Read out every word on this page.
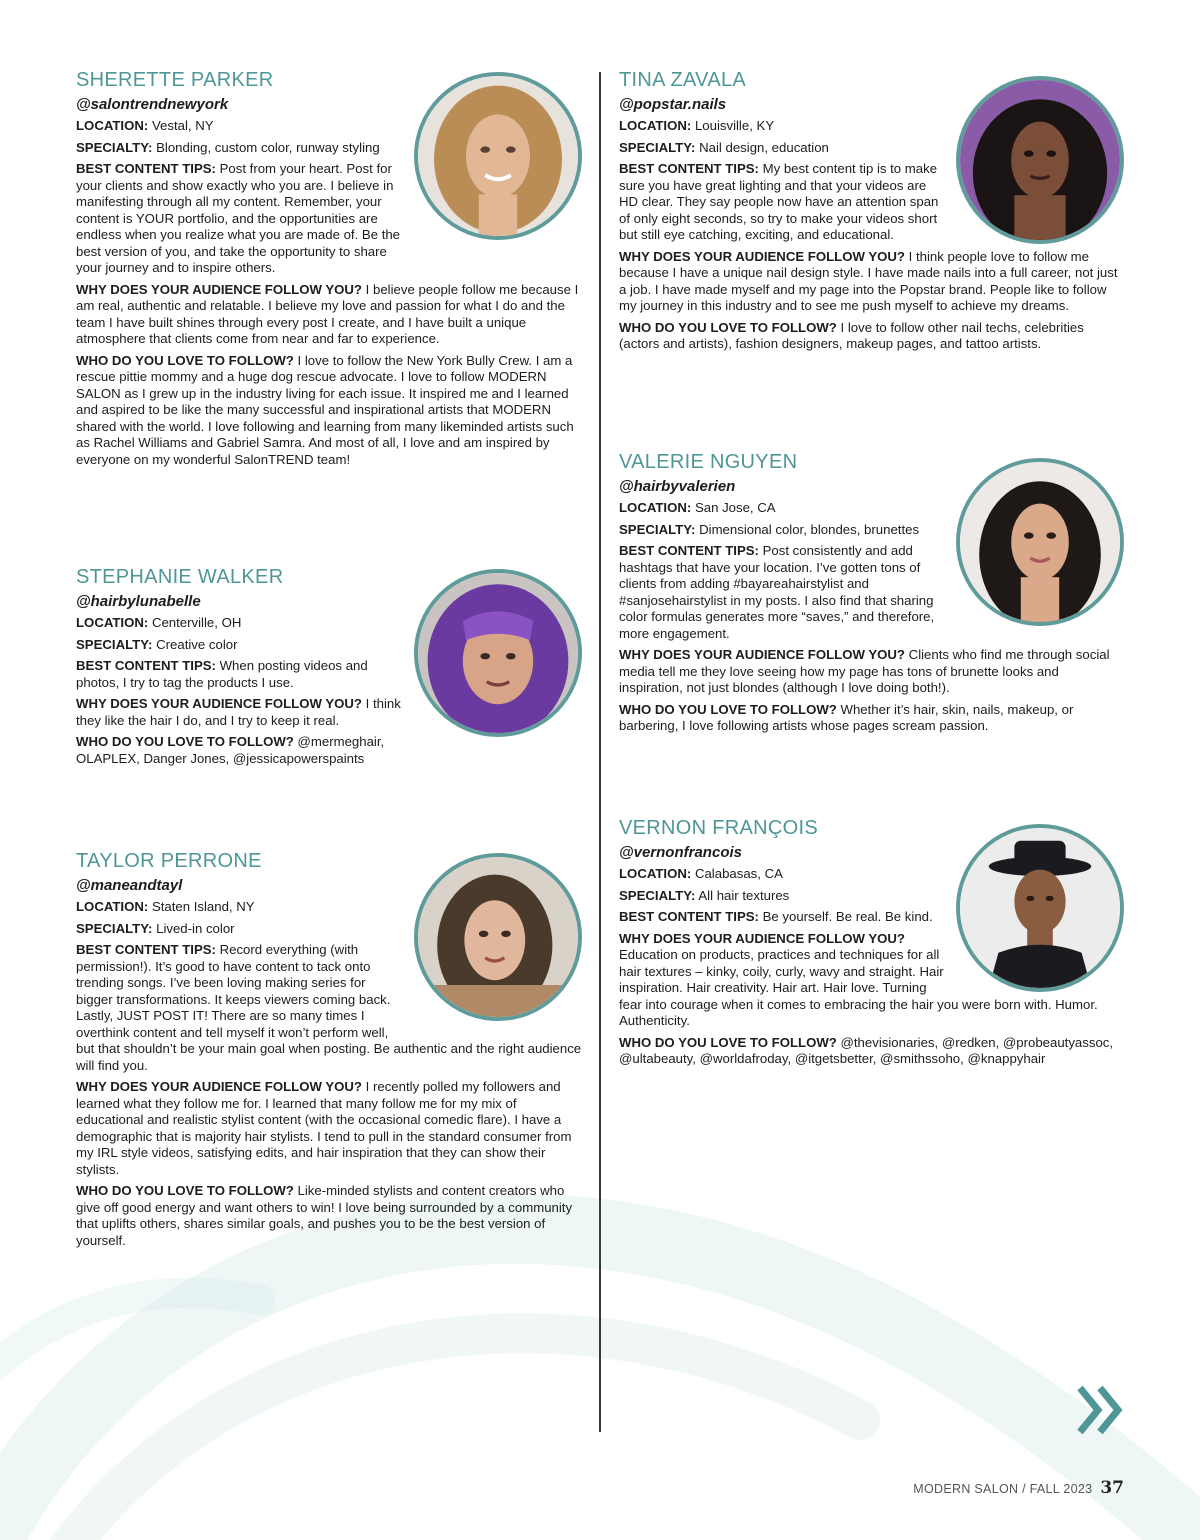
SHERETTE PARKER

@salontrendnewyork

LOCATION: Vestal, NY

SPECIALTY: Blonding, custom color, runway styling

BEST CONTENT TIPS: Post from your heart. Post for your clients and show exactly who you are. I believe in manifesting through all my content. Remember, your content is YOUR portfolio, and the opportunities are endless when you realize what you are made of. Be the best version of you, and take the opportunity to share your journey and to inspire others.

WHY DOES YOUR AUDIENCE FOLLOW YOU? I believe people follow me because I am real, authentic and relatable. I believe my love and passion for what I do and the team I have built shines through every post I create, and I have built a unique atmosphere that clients come from near and far to experience.

WHO DO YOU LOVE TO FOLLOW? I love to follow the New York Bully Crew. I am a rescue pittie mommy and a huge dog rescue advocate. I love to follow MODERN SALON as I grew up in the industry living for each issue. It inspired me and I learned and aspired to be like the many successful and inspirational artists that MODERN shared with the world. I love following and learning from many likeminded artists such as Rachel Williams and Gabriel Samra. And most of all, I love and am inspired by everyone on my wonderful SalonTREND team!

STEPHANIE WALKER

@hairbylunabelle

LOCATION: Centerville, OH

SPECIALTY: Creative color

BEST CONTENT TIPS: When posting videos and photos, I try to tag the products I use.

WHY DOES YOUR AUDIENCE FOLLOW YOU? I think they like the hair I do, and I try to keep it real.

WHO DO YOU LOVE TO FOLLOW? @mermeghair, OLAPLEX, Danger Jones, @jessicapowerspaints

TAYLOR PERRONE

@maneandtayl

LOCATION: Staten Island, NY

SPECIALTY: Lived-in color

BEST CONTENT TIPS: Record everything (with permission!). It’s good to have content to tack onto trending songs. I’ve been loving making series for bigger transformations. It keeps viewers coming back. Lastly, JUST POST IT! There are so many times I overthink content and tell myself it won’t perform well, but that shouldn’t be your main goal when posting. Be authentic and the right audience will find you.

WHY DOES YOUR AUDIENCE FOLLOW YOU? I recently polled my followers and learned what they follow me for. I learned that many follow me for my mix of educational and realistic stylist content (with the occasional comedic flare). I have a demographic that is majority hair stylists. I tend to pull in the standard consumer from my IRL style videos, satisfying edits, and hair inspiration that they can show their stylists.

WHO DO YOU LOVE TO FOLLOW? Like-minded stylists and content creators who give off good energy and want others to win! I love being surrounded by a community that uplifts others, shares similar goals, and pushes you to be the best version of yourself.

TINA ZAVALA

@popstar.nails

LOCATION: Louisville, KY

SPECIALTY: Nail design, education

BEST CONTENT TIPS: My best content tip is to make sure you have great lighting and that your videos are HD clear. They say people now have an attention span of only eight seconds, so try to make your videos short but still eye catching, exciting, and educational.

WHY DOES YOUR AUDIENCE FOLLOW YOU? I think people love to follow me because I have a unique nail design style. I have made nails into a full career, not just a job. I have made myself and my page into the Popstar brand. People like to follow my journey in this industry and to see me push myself to achieve my dreams.

WHO DO YOU LOVE TO FOLLOW? I love to follow other nail techs, celebrities (actors and artists), fashion designers, makeup pages, and tattoo artists.

VALERIE NGUYEN

@hairbyvalerien

LOCATION: San Jose, CA

SPECIALTY: Dimensional color, blondes, brunettes

BEST CONTENT TIPS: Post consistently and add hashtags that have your location. I’ve gotten tons of clients from adding #bayareahairstylist and #sanjosehairstylist in my posts. I also find that sharing color formulas generates more “saves,” and therefore, more engagement.

WHY DOES YOUR AUDIENCE FOLLOW YOU? Clients who find me through social media tell me they love seeing how my page has tons of brunette looks and inspiration, not just blondes (although I love doing both!).

WHO DO YOU LOVE TO FOLLOW? Whether it’s hair, skin, nails, makeup, or barbering, I love following artists whose pages scream passion.

VERNON FRANÇOIS

@vernonfrancois

LOCATION: Calabasas, CA

SPECIALTY: All hair textures

BEST CONTENT TIPS: Be yourself. Be real. Be kind.

WHY DOES YOUR AUDIENCE FOLLOW YOU? Education on products, practices and techniques for all hair textures – kinky, coily, curly, wavy and straight. Hair inspiration. Hair creativity. Hair art. Hair love. Turning fear into courage when it comes to embracing the hair you were born with. Humor. Authenticity.

WHO DO YOU LOVE TO FOLLOW? @thevisionaries, @redken, @probeautyassoc, @ultabeauty, @worldafroday, @itgetsbetter, @smithssoho, @knappyhair

MODERN SALON / FALL 2023 37
